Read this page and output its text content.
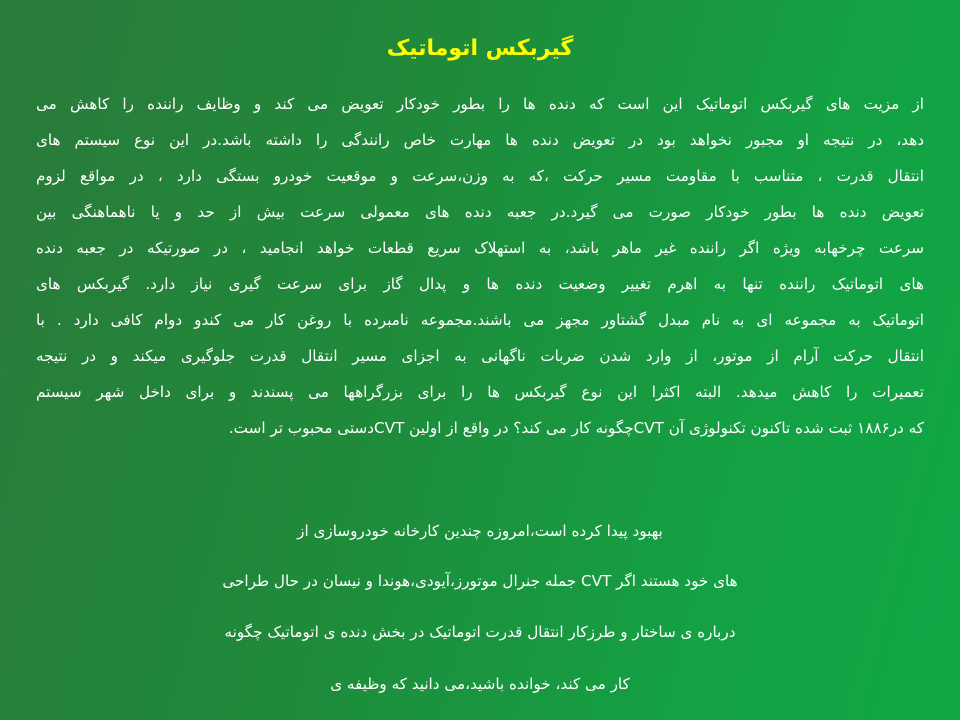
گیربکس اتوماتیک
از مزیت های گیربکس اتوماتیک این است که دنده ها را بطور خودکار تعویض می کند و وظایف راننده را کاهش می
دهد، در نتیجه او مجبور نخواهد بود در تعویض دنده ها مهارت خاص رانندگی را داشته باشد.در این نوع سیستم های
انتقال قدرت ، متناسب با مقاومت مسیر حرکت ،که به وزن،سرعت و موقعیت خودرو بستگی دارد ، در مواقع لزوم
تعویض دنده ها بطور خودکار صورت می گیرد.در جعبه دنده های معمولی سرعت بیش از حد و یا ناهماهنگی بین
سرعت چرخهابه ویژه اگر راننده غیر ماهر باشد، به استهلاک سریع قطعات خواهد انجامید ، در صورتیکه در جعبه دنده
های اتوماتیک راننده تنها به اهرم تغییر وضعیت دنده ها و پدال گاز برای سرعت گیری نیاز دارد. گیربکس های
اتوماتیک به مجموعه ای به نام مبدل گشتاور مجهز می باشند.مجموعه نامبرده با روغن کار می کندو دوام کافی دارد . با
انتقال حرکت آرام از موتور، از وارد شدن ضربات ناگهانی به اجزای مسیر انتقال قدرت جلوگیری میکند و در نتیجه
تعمیرات را کاهش میدهد. البته اکثرا این نوع گیربکس ها را برای بزرگراهها می پسندند و برای داخل شهر سیستم
که در۱۸۸۶ ثبت شده تاکنون تکنولوژی آن CVTچگونه کار می کند؟ در واقع از اولین CVTدستی محبوب تر است.

بهبود پیدا کرده است،امروزه چندین کارخانه خودروسازی از

های خود هستند اگر CVT جمله جنرال موتورز،آیودی،هوندا و نیسان در حال طراحی

درباره ی ساختار و طرزکار انتقال قدرت اتوماتیک در بخش دنده ی اتوماتیک چگونه

کار می کند، خوانده باشید،می دانید که وظیفه ی
